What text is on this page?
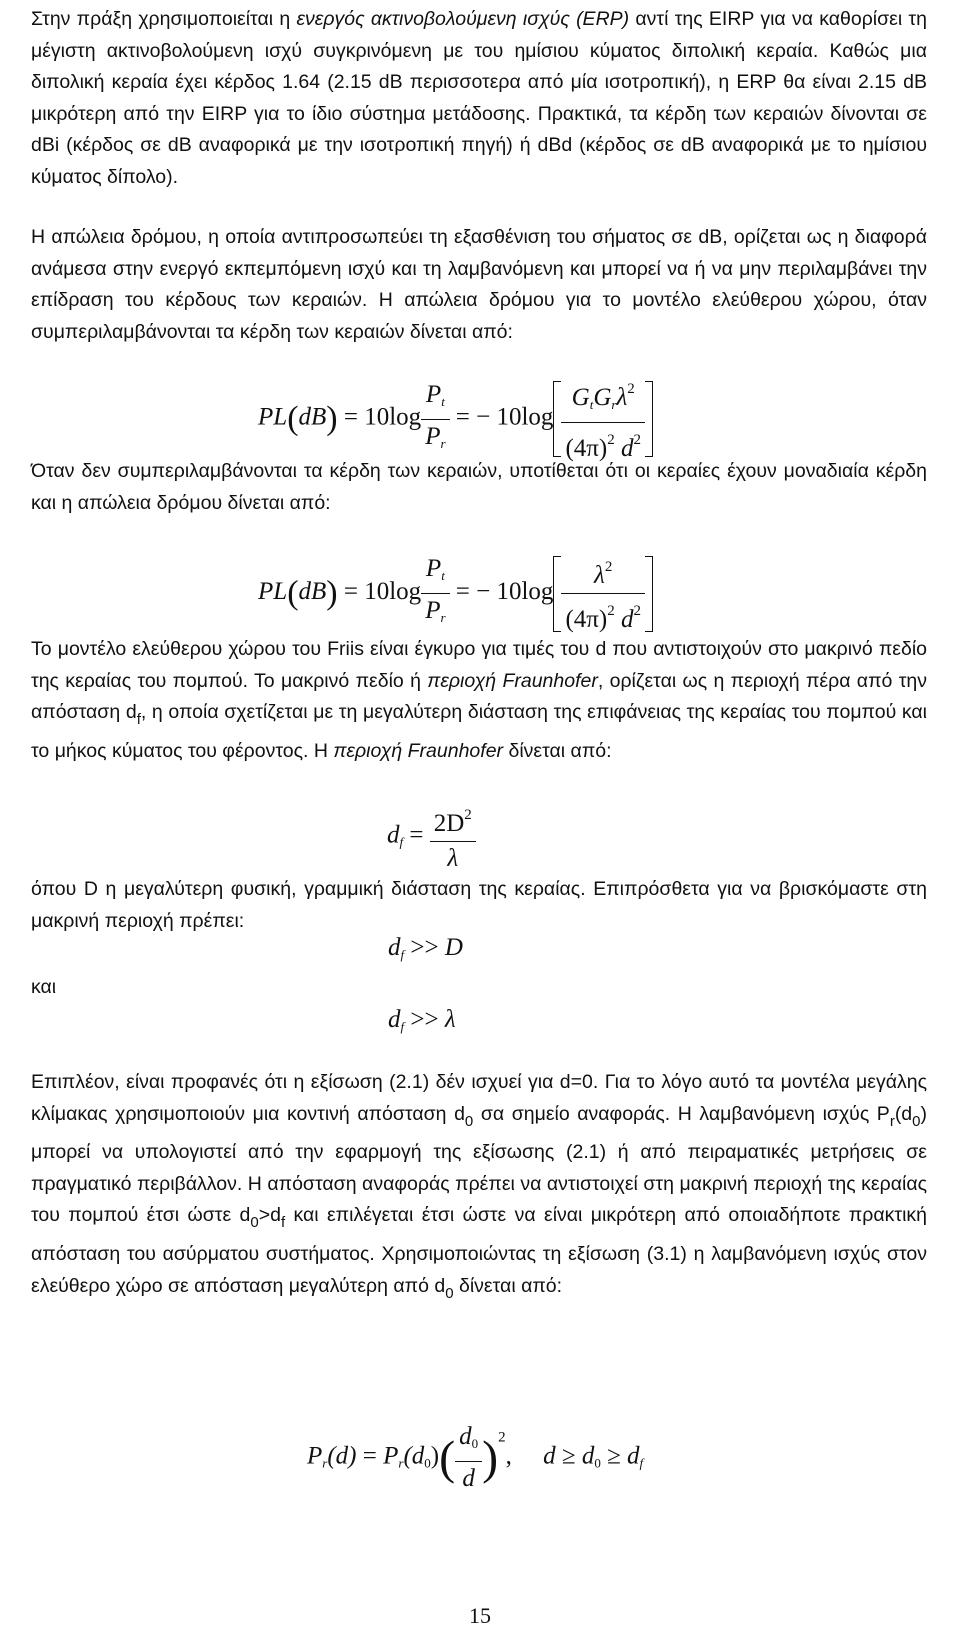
Στην πράξη χρησιμοποιείται η ενεργός ακτινοβολούμενη ισχύς (ERP) αντί της EIRP για να καθορίσει τη μέγιστη ακτινοβολούμενη ισχύ συγκρινόμενη με του ημίσιου κύματος διπολική κεραία. Καθώς μια διπολική κεραία έχει κέρδος 1.64 (2.15 dB περισσοτερα από μία ισοτροπική), η ERP θα είναι 2.15 dB μικρότερη από την EIRP για το ίδιο σύστημα μετάδοσης. Πρακτικά, τα κέρδη των κεραιών δίνονται σε dBi (κέρδος σε dB αναφορικά με την ισοτροπική πηγή) ή dBd (κέρδος σε dB αναφορικά με το ημίσιου κύματος δίπολο).
Η απώλεια δρόμου, η οποία αντιπροσωπεύει τη εξασθένιση του σήματος σε dB, ορίζεται ως η διαφορά ανάμεσα στην ενεργό εκπεμπόμενη ισχύ και τη λαμβανόμενη και μπορεί να ή να μην περιλαμβάνει την επίδραση του κέρδους των κεραιών. Η απώλεια δρόμου για το μοντέλο ελεύθερου χώρου, όταν συμπεριλαμβάνονται τα κέρδη των κεραιών δίνεται από:
$PL(dB) = 10\log \frac{Pt}{Pr}$ = − $10\log \frac{GtGr\lambda^2}{(4\pi)^2 d^2}$
Όταν δεν συμπεριλαμβάνονται τα κέρδη των κεραιών, υποτίθεται ότι οι κεραίες έχουν μοναδιαία κέρδη και η απώλεια δρόμου δίνεται από:
$PL(dB) = 10\log \frac{Pt}{Pr}$ = − $10\log \frac{\lambda^2}{(4\pi)^2 d^2}$
Το μοντέλο ελεύθερου χώρου του Friis είναι έγκυρο για τιμές του d που αντιστοιχούν στο μακρινό πεδίο της κεραίας του πομπού. Το μακρινό πεδίο ή περιοχή Fraunhofer, ορίζεται ως η περιοχή πέρα από την απόσταση $d_f$, η οποία σχετίζεται με τη μεγαλύτερη διάσταση της επιφάνειας της κεραίας του πομπού και το μήκος κύματος του φέροντος. Η περιοχή Fraunhofer δίνεται από:
df = $\frac{2D^2}{\lambda}$
όπου D η μεγαλύτερη φυσική, γραμμική διάσταση της κεραίας. Επιπρόσθετα για να βρισκόμαστε στη μακρινή περιοχή πρέπει:
df >> D
και
df >> λ
Επιπλέον, είναι προφανές ότι η εξίσωση (2.1) δέν ισχυεί για d=0. Για το λόγο αυτό τα μοντέλα μεγάλης κλίμακας χρησιμοποιούν μια κοντινή απόσταση $d_0$ σα σημείο αναφοράς. Η λαμβανόμενη ισχύς $P_r(d_0)$ μπορεί να υπολογιστεί από την εφαρμογή της εξίσωσης (2.1) ή από πειραματικές μετρήσεις σε πραγματικό περιβάλλον. Η απόσταση αναφοράς πρέπει να αντιστοιχεί στη μακρινή περιοχή της κεραίας του πομπού έτσι ώστε $d_0>d_f$ και επιλέγεται έτσι ώστε να είναι μικρότερη από οποιαδήποτε πρακτική απόσταση του ασύρματου συστήματος. Χρησιμοποιώντας τη εξίσωση (3.1) η λαμβανόμενη ισχύς στον ελεύθερο χώρο σε απόσταση μεγαλύτερη από $d_0$ δίνεται από:
$Pr(d) = Pr(d0)( \frac{d0}{d} )^2$, d ≥ d0 ≥ df
15
